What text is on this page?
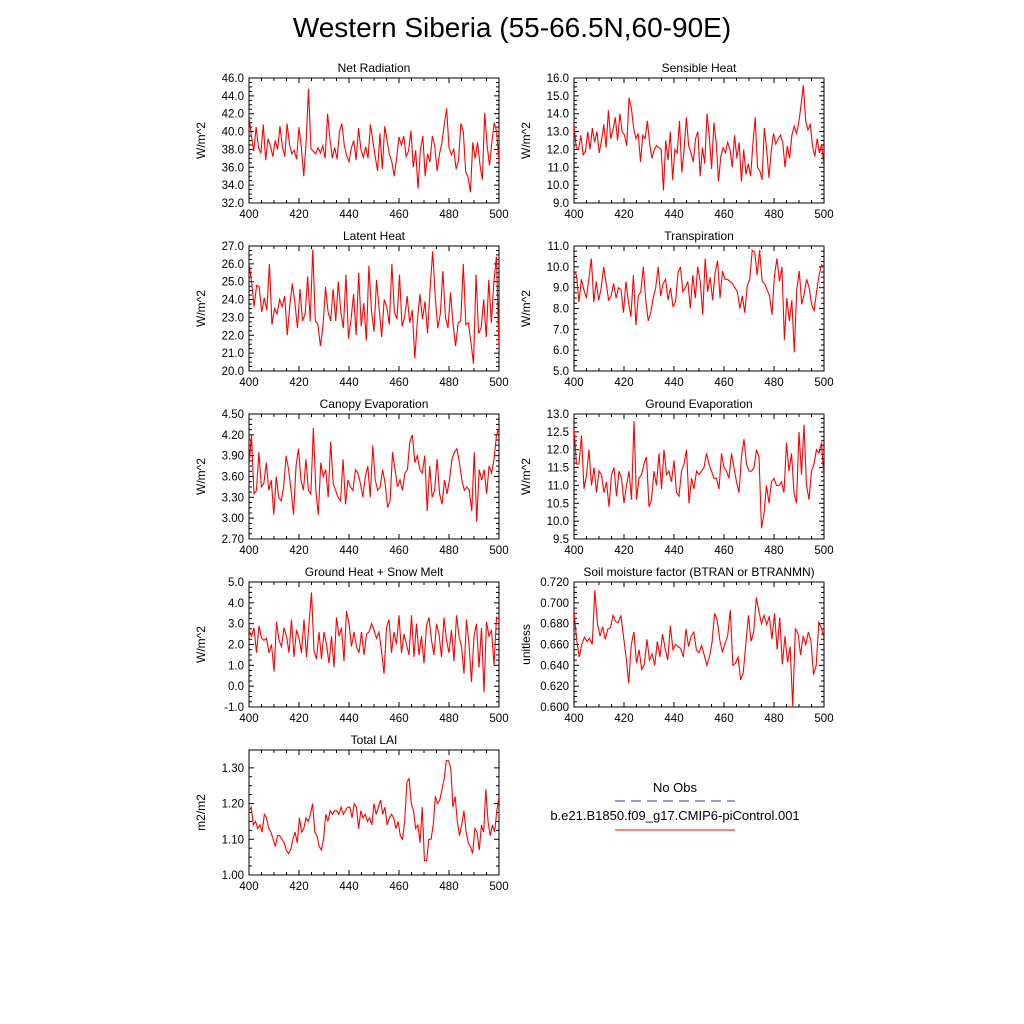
Western Siberia (55-66.5N,60-90E)
Net Radiation
W/m^2
400	420	440	460	480	500
32.0
34.0
36.0
38.0
40.0
42.0
44.0
46.0
Sensible Heat
W/m^2
400	420	440	460	480	500
9.0
10.0
11.0
12.0
13.0
14.0
15.0
16.0
Latent Heat
W/m^2
400	420	440	460	480	500
20.0
21.0
22.0
23.0
24.0
25.0
26.0
27.0
Transpiration
W/m^2
400	420	440	460	480	500
5.0
6.0
7.0
8.0
9.0
10.0
11.0
Canopy Evaporation
W/m^2
400	420	440	460	480	500
2.70
3.00
3.30
3.60
3.90
4.20
4.50
Ground Evaporation
W/m^2
400	420	440	460	480	500
9.5
10.0
10.5
11.0
11.5
12.0
12.5
13.0
Ground Heat + Snow Melt
W/m^2
400	420	440	460	480	500
-1.0
0.0
1.0
2.0
3.0
4.0
5.0
Soil moisture factor (BTRAN or BTRANMN)
unitless
400	420	440	460	480	500
0.600
0.620
0.640
0.660
0.680
0.700
0.720
Total LAI
m2/m2
400	420	440	460	480	500
1.00
1.10
1.20
1.30
No Obs
b.e21.B1850.f09_g17.CMIP6-piControl.001
